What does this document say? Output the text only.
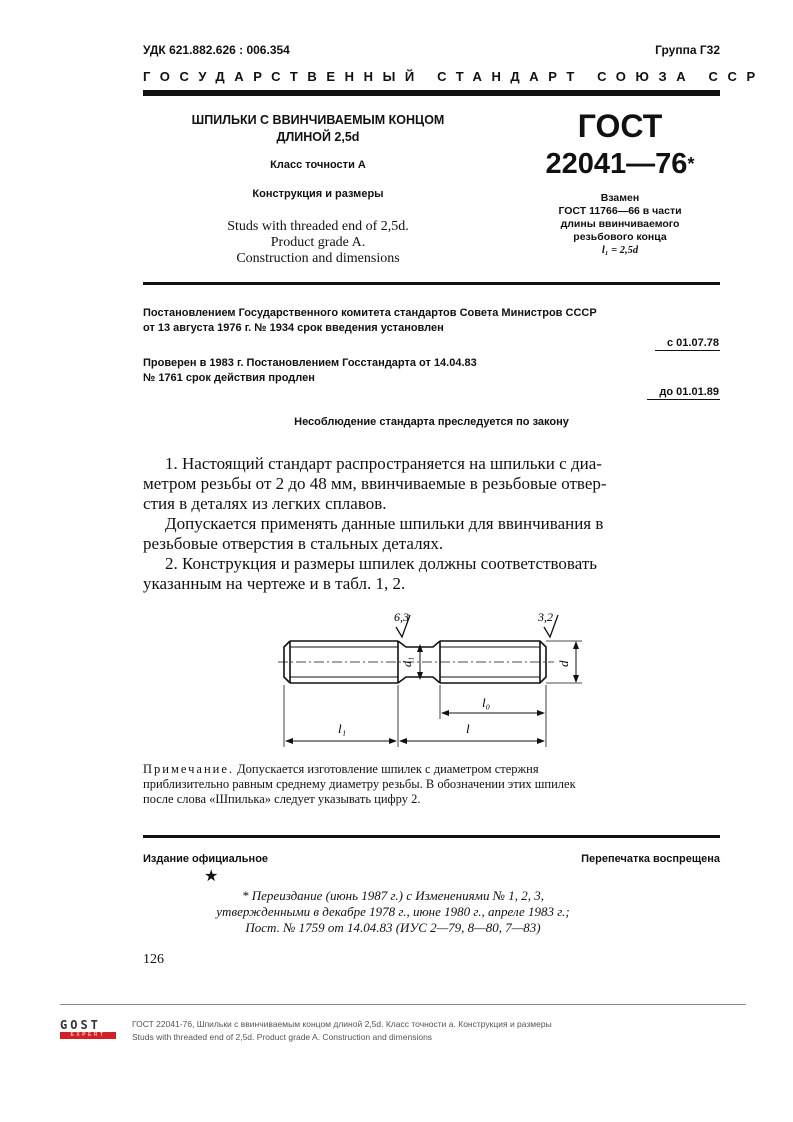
УДК 621.882.626 : 006.354	Группа Г32
ГОСУДАРСТВЕННЫЙ СТАНДАРТ СОЮЗА ССР
ШПИЛЬКИ С ВВИНЧИВАЕМЫМ КОНЦОМ
ДЛИНОЙ 2,5d
Класс точности А
Конструкция и размеры
Studs with threaded end of 2,5d.
Product grade A.
Construction and dimensions
ГОСТ
22041—76*
Взамен
ГОСТ 11766—66 в части
длины ввинчиваемого
резьбового конца
l₁ = 2,5d
Постановлением Государственного комитета стандартов Совета Министров СССР
от 13 августа 1976 г. № 1934 срок введения установлен
с 01.07.78
Проверен в 1983 г. Постановлением Госстандарта от 14.04.83
№ 1761 срок действия продлен
до 01.01.89
Несоблюдение стандарта преследуется по закону
1. Настоящий стандарт распространяется на шпильки с диа-
метром резьбы от 2 до 48 мм, ввинчиваемые в резьбовые отвер-
стия в деталях из легких сплавов.
Допускается применять данные шпильки для ввинчивания в
резьбовые отверстия в стальных деталях.
2. Конструкция и размеры шпилек должны соответствовать
указанным на чертеже и в табл. 1, 2.
6,3	3,2
d₁	d
l₀
l₁	l
Примечание. Допускается изготовление шпилек с диаметром стержня
приблизительно равным среднему диаметру резьбы. В обозначении этих шпилек
после слова «Шпилька» следует указывать цифру 2.
Издание официальное
★
Перепечатка воспрещена
* Переиздание (июнь 1987 г.) с Изменениями № 1, 2, 3,
утвержденными в декабре 1978 г., июне 1980 г., апреле 1983 г.;
Пост. № 1759 от 14.04.83 (ИУС 2—79, 8—80, 7—83)
126
GOST
EXPERT
ГОСТ 22041-76, Шпильки с ввинчиваемым концом длиной 2,5d. Класс точности а. Конструкция и размеры
Studs with threaded end of 2,5d. Product grade A. Construction and dimensions
